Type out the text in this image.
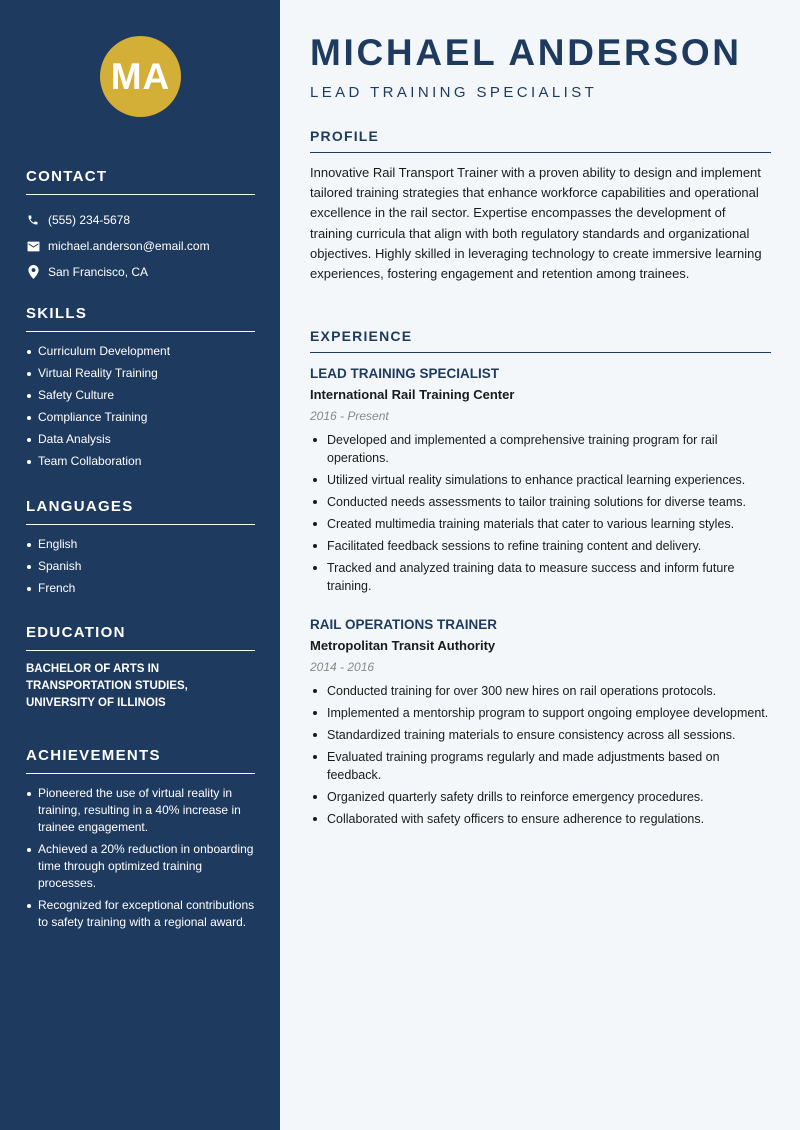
MA
CONTACT
(555) 234-5678
michael.anderson@email.com
San Francisco, CA
SKILLS
Curriculum Development
Virtual Reality Training
Safety Culture
Compliance Training
Data Analysis
Team Collaboration
LANGUAGES
English
Spanish
French
EDUCATION
BACHELOR OF ARTS IN
TRANSPORTATION STUDIES,
UNIVERSITY OF ILLINOIS
ACHIEVEMENTS
Pioneered the use of virtual reality in training, resulting in a 40% increase in trainee engagement.
Achieved a 20% reduction in onboarding time through optimized training processes.
Recognized for exceptional contributions to safety training with a regional award.
MICHAEL ANDERSON
LEAD TRAINING SPECIALIST
PROFILE

Innovative Rail Transport Trainer with a proven ability to design and implement tailored training strategies that enhance workforce capabilities and operational excellence in the rail sector. Expertise encompasses the development of training curricula that align with both regulatory standards and organizational objectives. Highly skilled in leveraging technology to create immersive learning experiences, fostering engagement and retention among trainees.

EXPERIENCE
LEAD TRAINING SPECIALIST
International Rail Training Center
2016 - Present
Developed and implemented a comprehensive training program for rail operations.
Utilized virtual reality simulations to enhance practical learning experiences.
Conducted needs assessments to tailor training solutions for diverse teams.
Created multimedia training materials that cater to various learning styles.
Facilitated feedback sessions to refine training content and delivery.
Tracked and analyzed training data to measure success and inform future training.
RAIL OPERATIONS TRAINER
Metropolitan Transit Authority
2014 - 2016
Conducted training for over 300 new hires on rail operations protocols.
Implemented a mentorship program to support ongoing employee development.
Standardized training materials to ensure consistency across all sessions.
Evaluated training programs regularly and made adjustments based on feedback.
Organized quarterly safety drills to reinforce emergency procedures.
Collaborated with safety officers to ensure adherence to regulations.
